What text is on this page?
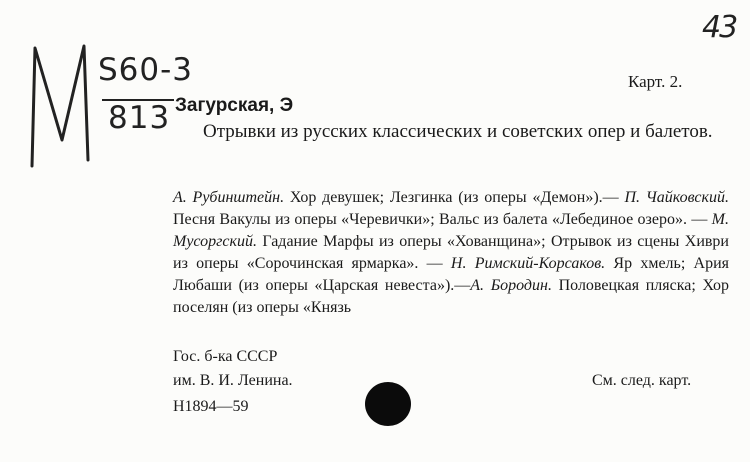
43
S60-3
813
Карт. 2.
Загурская, Э
Отрывки из русских классических и советских опер и балетов.

А. Рубинштейн. Хор девушек; Лезгинка (из оперы «Демон»).— П. Чайковский. Песня Вакулы из оперы «Черевички»; Вальс из балета «Лебединое озеро». — М. Мусоргский. Гадание Марфы из оперы «Хованщина»; Отрывок из сцены Хиври из оперы «Сорочинская ярмарка». — Н. Римский-Корсаков. Яр хмель; Ария Любаши (из оперы «Царская невеста»).—А. Бородин. Половецкая пляска; Хор поселян (из оперы «Князь

Гос. б-ка СССР
им. В. И. Ленина.	См. след. карт.
Н1894—59
